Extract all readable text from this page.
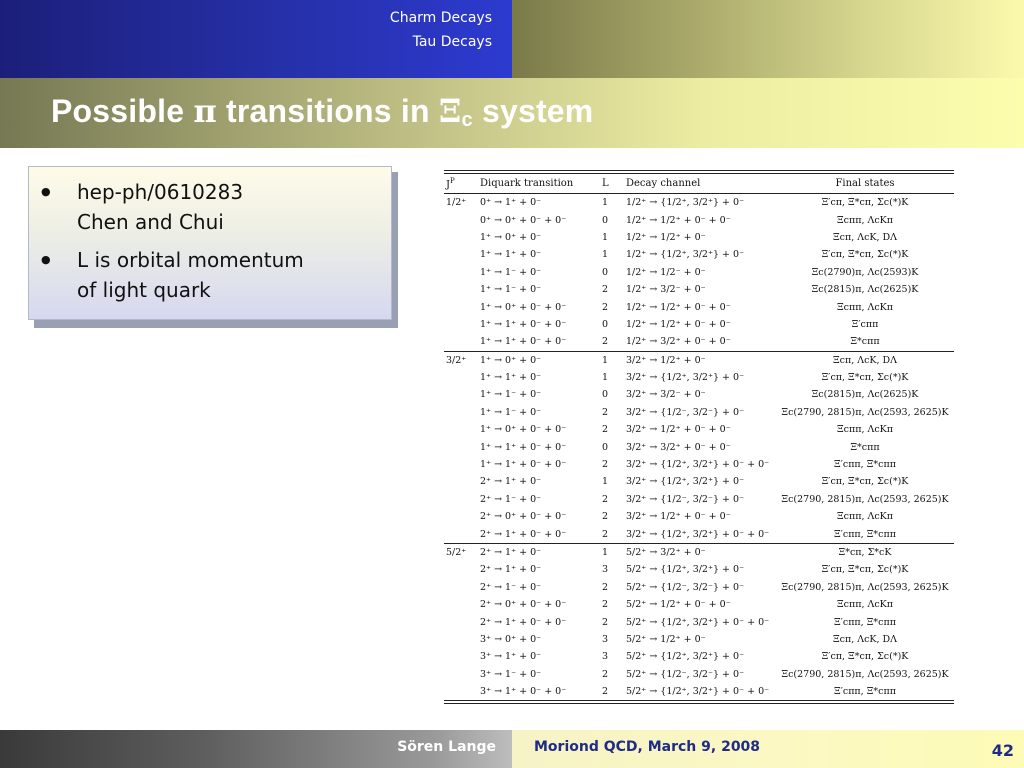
Charm Decays
Tau Decays
Possible π transitions in $\Xi_c$ system
● hep-ph/0610283
Chen and Chui
● L is orbital momentum
of light quark
$J^P$	Diquark transition	L	Decay channel	Final states
1/2⁺	0⁺ → 1⁺ + 0⁻	1	1/2⁺ → {1/2⁺, 3/2⁺} + 0⁻	Ξ′cπ, Ξ*cπ, Σc(*)K
	0⁺ → 0⁺ + 0⁻ + 0⁻	0	1/2⁺ → 1/2⁺ + 0⁻ + 0⁻	Ξcππ, ΛcKπ
	1⁺ → 0⁺ + 0⁻	1	1/2⁺ → 1/2⁺ + 0⁻	Ξcπ, ΛcK, DΛ
	1⁺ → 1⁺ + 0⁻	1	1/2⁺ → {1/2⁺, 3/2⁺} + 0⁻	Ξ′cπ, Ξ*cπ, Σc(*)K
	1⁺ → 1⁻ + 0⁻	0	1/2⁺ → 1/2⁻ + 0⁻	Ξc(2790)π, Λc(2593)K
	1⁺ → 1⁻ + 0⁻	2	1/2⁺ → 3/2⁻ + 0⁻	Ξc(2815)π, Λc(2625)K
	1⁺ → 0⁺ + 0⁻ + 0⁻	2	1/2⁺ → 1/2⁺ + 0⁻ + 0⁻	Ξcππ, ΛcKπ
	1⁺ → 1⁺ + 0⁻ + 0⁻	0	1/2⁺ → 1/2⁺ + 0⁻ + 0⁻	Ξ′cππ
	1⁺ → 1⁺ + 0⁻ + 0⁻	2	1/2⁺ → 3/2⁺ + 0⁻ + 0⁻	Ξ*cππ
3/2⁺	1⁺ → 0⁺ + 0⁻	1	3/2⁺ → 1/2⁺ + 0⁻	Ξcπ, ΛcK, DΛ
	1⁺ → 1⁺ + 0⁻	1	3/2⁺ → {1/2⁺, 3/2⁺} + 0⁻	Ξ′cπ, Ξ*cπ, Σc(*)K
	1⁺ → 1⁻ + 0⁻	0	3/2⁺ → 3/2⁻ + 0⁻	Ξc(2815)π, Λc(2625)K
	1⁺ → 1⁻ + 0⁻	2	3/2⁺ → {1/2⁻, 3/2⁻} + 0⁻	Ξc(2790, 2815)π, Λc(2593, 2625)K
	1⁺ → 0⁺ + 0⁻ + 0⁻	2	3/2⁺ → 1/2⁺ + 0⁻ + 0⁻	Ξcππ, ΛcKπ
	1⁺ → 1⁺ + 0⁻ + 0⁻	0	3/2⁺ → 3/2⁺ + 0⁻ + 0⁻	Ξ*cππ
	1⁺ → 1⁺ + 0⁻ + 0⁻	2	3/2⁺ → {1/2⁺, 3/2⁺} + 0⁻ + 0⁻	Ξ′cππ, Ξ*cππ
	2⁺ → 1⁺ + 0⁻	1	3/2⁺ → {1/2⁺, 3/2⁺} + 0⁻	Ξ′cπ, Ξ*cπ, Σc(*)K
	2⁺ → 1⁻ + 0⁻	2	3/2⁺ → {1/2⁻, 3/2⁻} + 0⁻	Ξc(2790, 2815)π, Λc(2593, 2625)K
	2⁺ → 0⁺ + 0⁻ + 0⁻	2	3/2⁺ → 1/2⁺ + 0⁻ + 0⁻	Ξcππ, ΛcKπ
	2⁺ → 1⁺ + 0⁻ + 0⁻	2	3/2⁺ → {1/2⁺, 3/2⁺} + 0⁻ + 0⁻	Ξ′cππ, Ξ*cππ
5/2⁺	2⁺ → 1⁺ + 0⁻	1	5/2⁺ → 3/2⁺ + 0⁻	Ξ*cπ, Σ*cK
	2⁺ → 1⁺ + 0⁻	3	5/2⁺ → {1/2⁺, 3/2⁺} + 0⁻	Ξ′cπ, Ξ*cπ, Σc(*)K
	2⁺ → 1⁻ + 0⁻	2	5/2⁺ → {1/2⁻, 3/2⁻} + 0⁻	Ξc(2790, 2815)π, Λc(2593, 2625)K
	2⁺ → 0⁺ + 0⁻ + 0⁻	2	5/2⁺ → 1/2⁺ + 0⁻ + 0⁻	Ξcππ, ΛcKπ
	2⁺ → 1⁺ + 0⁻ + 0⁻	2	5/2⁺ → {1/2⁺, 3/2⁺} + 0⁻ + 0⁻	Ξ′cππ, Ξ*cππ
	3⁺ → 0⁺ + 0⁻	3	5/2⁺ → 1/2⁺ + 0⁻	Ξcπ, ΛcK, DΛ
	3⁺ → 1⁺ + 0⁻	3	5/2⁺ → {1/2⁺, 3/2⁺} + 0⁻	Ξ′cπ, Ξ*cπ, Σc(*)K
	3⁺ → 1⁻ + 0⁻	2	5/2⁺ → {1/2⁻, 3/2⁻} + 0⁻	Ξc(2790, 2815)π, Λc(2593, 2625)K
	3⁺ → 1⁺ + 0⁻ + 0⁻	2	5/2⁺ → {1/2⁺, 3/2⁺} + 0⁻ + 0⁻	Ξ′cππ, Ξ*cππ
Sören Lange	Moriond QCD, March 9, 2008	42
